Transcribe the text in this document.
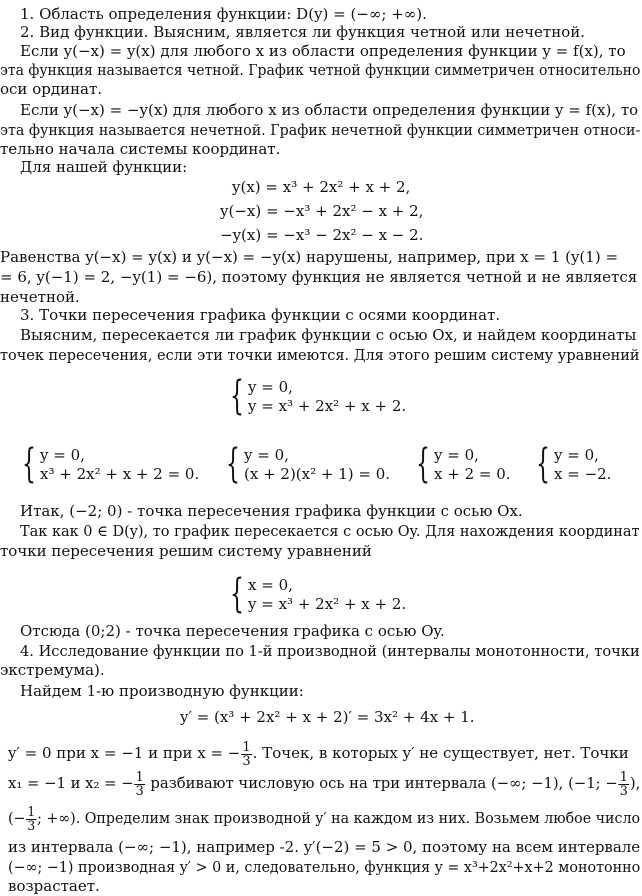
1. Область определения функции: D(y) = (−∞; +∞).
2. Вид функции. Выясним, является ли функция четной или нечетной.
Если y(−x) = y(x) для любого x из области определения функции y = f(x), то
эта функция называется четной. График четной функции симметричен относительно
оси ординат.
Если y(−x) = −y(x) для любого x из области определения функции y = f(x), то
эта функция называется нечетной. График нечетной функции симметричен относи-
тельно начала системы координат.
Для нашей функции:
y(x) = x³ + 2x² + x + 2,
y(−x) = −x³ + 2x² − x + 2,
−y(x) = −x³ − 2x² − x − 2.
Равенства y(−x) = y(x) и y(−x) = −y(x) нарушены, например, при x = 1 (y(1) =
= 6, y(−1) = 2, −y(1) = −6), поэтому функция не является четной и не является
нечетной.
3. Точки пересечения графика функции с осями координат.
Выясним, пересекается ли график функции с осью Ox, и найдем координаты
точек пересечения, если эти точки имеются. Для этого решим систему уравнений
{ y = 0,
y = x³ + 2x² + x + 2.
{ y = 0,
x³ + 2x² + x + 2 = 0. { y = 0,
(x + 2)(x² + 1) = 0. { y = 0,
x + 2 = 0. { y = 0,
x = −2.
Итак, (−2; 0) - точка пересечения графика функции с осью Ox.
Так как 0 ∈ D(y), то график пересекается с осью Oy. Для нахождения координат
точки пересечения решим систему уравнений
{ x = 0,
y = x³ + 2x² + x + 2.
Отсюда (0;2) - точка пересечения графика с осью Oy.
4. Исследование функции по 1-й производной (интервалы монотонности, точки
экстремума).
Найдем 1-ю производную функции:
y′ = (x³ + 2x² + x + 2)′ = 3x² + 4x + 1.
y′ = 0 при x = −1 и при x = − $\frac{1}{3}$ . Точек, в которых y′ не существует, нет. Точки
x₁ = −1 и x₂ = − $\frac{1}{3}$ разбивают числовую ось на три интервала (−∞; −1), (−1; − $\frac{1}{3}$ ),
(− $\frac{1}{3}$ ; +∞). Определим знак производной y′ на каждом из них. Возьмем любое число
из интервала (−∞; −1), например -2. y′(−2) = 5 > 0, поэтому на всем интервале
(−∞; −1) производная y′ > 0 и, следовательно, функция y = x³+2x²+x+2 монотонно
возрастает.
